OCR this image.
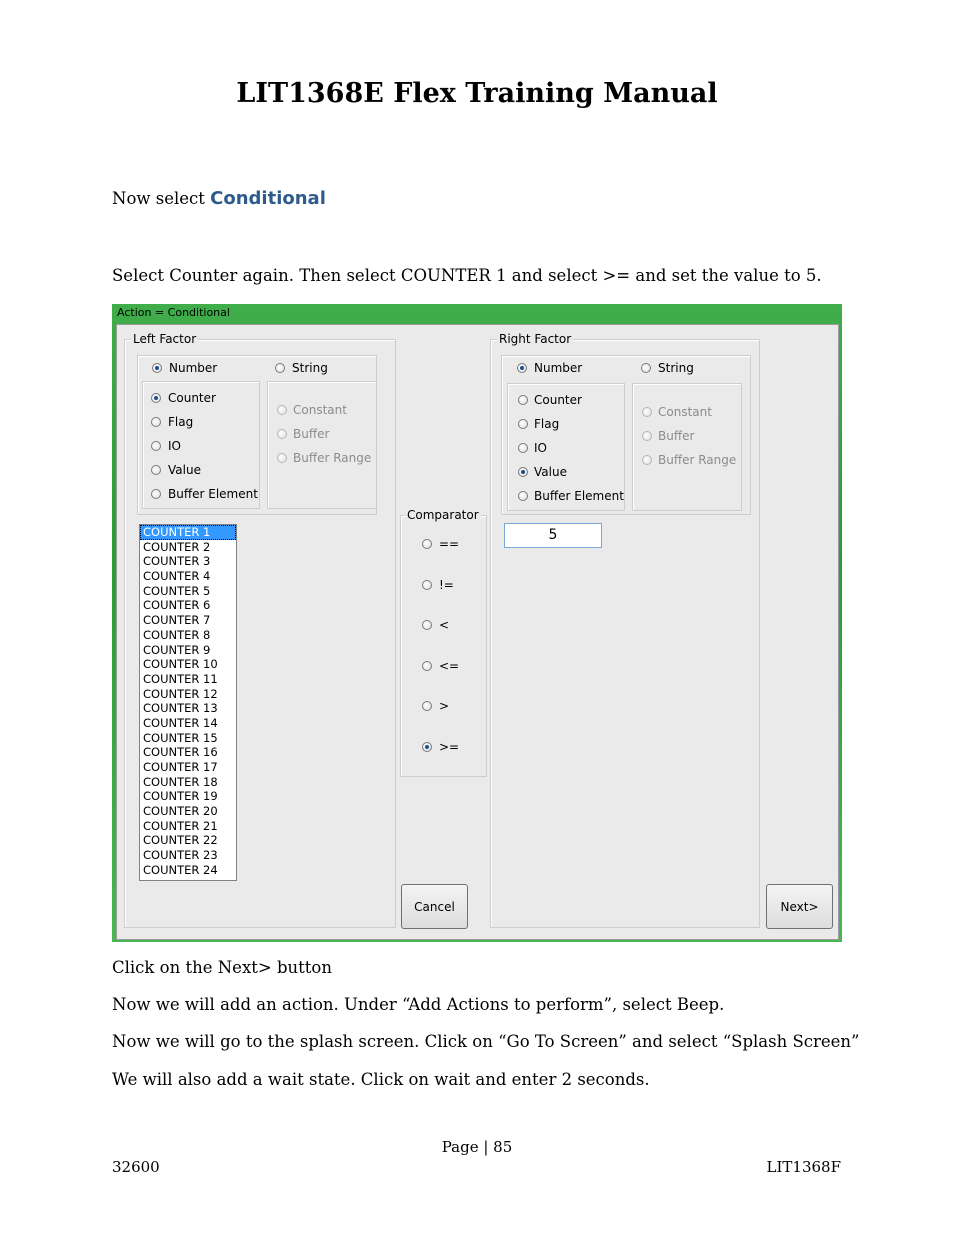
LIT1368E Flex Training Manual
Now select Conditional
Select Counter again. Then select COUNTER 1 and select >= and set the value to 5.
Action = Conditional
Left Factor
Number	String
Counter
Flag
IO
Value
Buffer Element
Constant
Buffer
Buffer Range
COUNTER 1
COUNTER 2
COUNTER 3
COUNTER 4
COUNTER 5
COUNTER 6
COUNTER 7
COUNTER 8
COUNTER 9
COUNTER 10
COUNTER 11
COUNTER 12
COUNTER 13
COUNTER 14
COUNTER 15
COUNTER 16
COUNTER 17
COUNTER 18
COUNTER 19
COUNTER 20
COUNTER 21
COUNTER 22
COUNTER 23
COUNTER 24
Comparator
==
!=
<
<=
>
>=
Right Factor
Number	String
Counter
Flag
IO
Value
Buffer Element
Constant
Buffer
Buffer Range
5
Cancel	Next>
Click on the Next> button
Now we will add an action. Under “Add Actions to perform”, select Beep.
Now we will go to the splash screen. Click on “Go To Screen” and select “Splash Screen”
We will also add a wait state. Click on wait and enter 2 seconds.
Page | 85
32600	LIT1368F
